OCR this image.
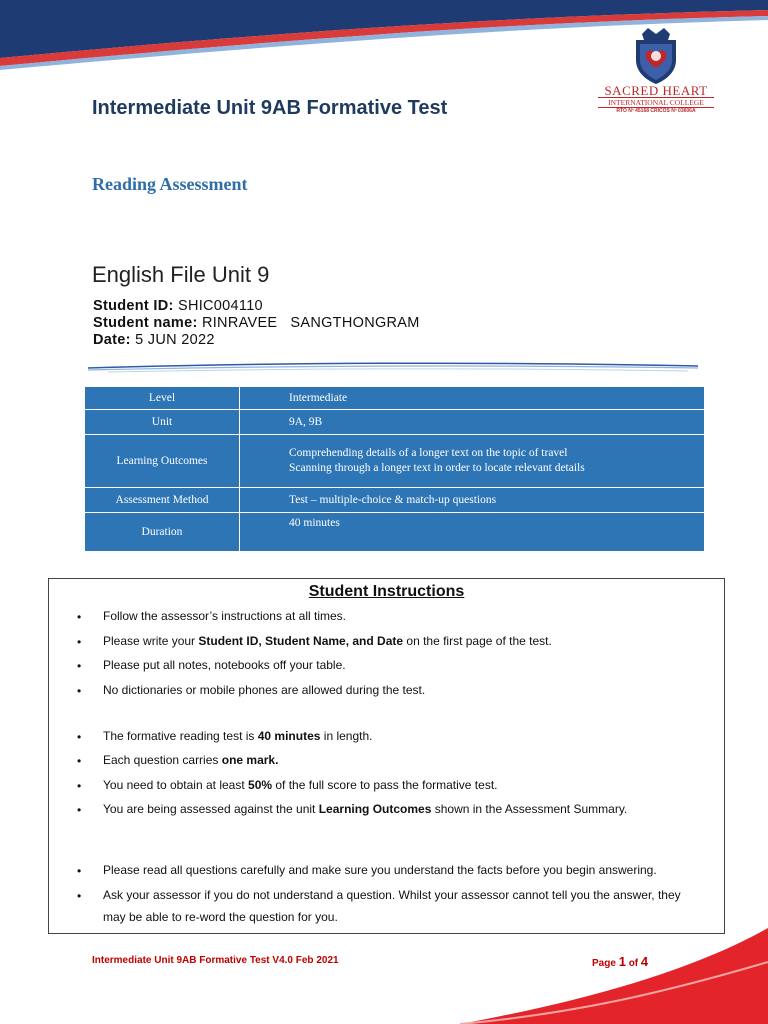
SACRED HEART
INTERNATIONAL COLLEGE
RTO Nº 45168 CRICOS Nº 03606A
Intermediate Unit 9AB Formative Test
Reading Assessment
English File Unit 9
Student ID: SHIC004110
Student name: RINRAVEE   SANGTHONGRAM
Date: 5 JUN 2022
Level	Intermediate
Unit	9A, 9B
Learning Outcomes	Comprehending details of a longer text on the topic of travel
Scanning through a longer text in order to locate relevant details

Assessment Method	Test – multiple-choice & match-up questions
Duration	40 minutes
Student Instructions
• Follow the assessor’s instructions at all times.
• Please write your Student ID, Student Name, and Date on the first page of the test.
• Please put all notes, notebooks off your table.
• No dictionaries or mobile phones are allowed during the test.
• The formative reading test is 40 minutes in length.
• Each question carries one mark.
• You need to obtain at least 50% of the full score to pass the formative test.
• You are being assessed against the unit Learning Outcomes shown in the Assessment Summary.
• Please read all questions carefully and make sure you understand the facts before you begin answering.
• Ask your assessor if you do not understand a question. Whilst your assessor cannot tell you the answer, they may be able to re-word the question for you.
Intermediate Unit 9AB Formative Test V4.0 Feb 2021	Page 1 of 4
